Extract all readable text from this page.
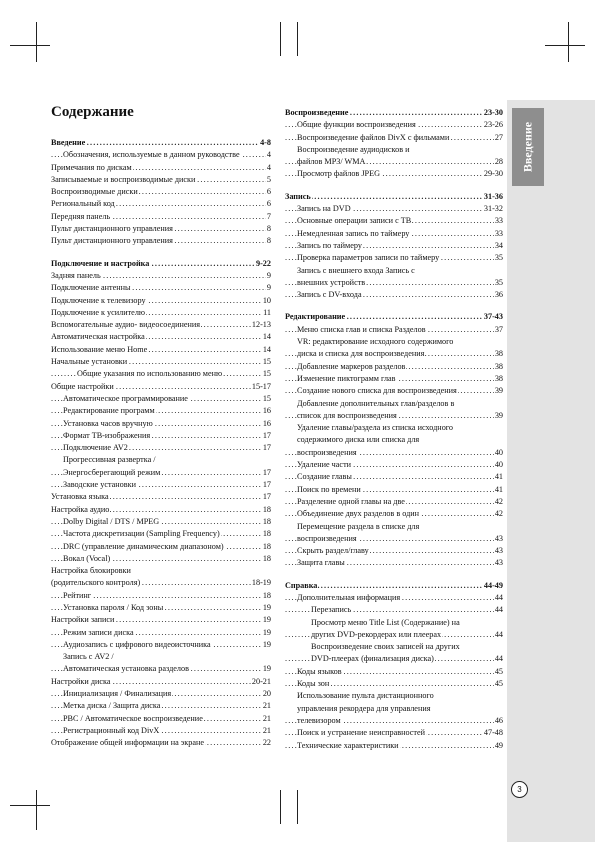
Введение
3
Содержание
Введение	4-8
.....
Обозначения, используемые в данном руководстве	4
.....
Примечания по дискам	4
.....
Записываемые и воспроизводимые диски	5
.....
Воспроизводимые диски	6
.....
Региональный код	6
.....
Передняя панель	7
.....
Пульт дистанционного управления	8
.....
Пульт дистанционного управления	8
.....
Подключение и настройка	9-22
.....
Задняя панель	9
.....
Подключение антенны	9
.....
Подключение к телевизору	10
.....
Подключение к усилителю	11
.....
Вспомогательные аудио- видеосоединения	12-13
.....
Автоматическая настройка	14
.....
Использование меню Home	14
.....
Начальные установки	15
.....
Общие указания по использованию меню	15
.....
Общие настройки	15-17
.....
Автоматическое программирование	15
.....
Редактирование программ	16
.....
Установка часов вручную	16
.....
Формат ТВ-изображения	17
.....
Подключение AV2	17
.....
Прогрессивная развертка /
Энергосберегающий режим	17
.....
Заводские установки	17
.....
Установка языка	17
.....
Настройка аудио	18
.....
Dolby Digital / DTS / MPEG	18
.....
Частота дискретизации (Sampling Frequency)	18
.....
DRC (управление динамическим диапазоном)	18
.....
Вокал (Vocal)	18
.....
Настройка блокировки
(родительского контроля)	18-19
.....
Рейтинг	18
.....
Установка пароля / Код зоны	19
.....
Настройки записи	19
.....
Режим записи диска	19
.....
Аудиозапись с цифрового видеоисточника	19
.....
Запись с AV2 /
Автоматическая установка разделов	19
.....
Настройки диска	20-21
.....
Инициализация / Финализация	20
.....
Метка диска / Защита диска	21
.....
PBC / Автоматическое воспроизведение	21
.....
Регистрационный код DivX	21
.....
Отображение общей информации на экране	22
.....
Воспроизведение	23-30
.....
Общие функции воспроизведения	23-26
.....
Воспроизведение файлов DivX с фильмами	27
.....
Воспроизведение аудиодисков и
файлов MP3/ WMA	28
.....
Просмотр файлов JPEG	29-30
.....
Запись	31-36
.....
Запись на DVD	31-32
.....
Основные операции записи с ТВ	33
.....
Немедленная запись по таймеру	33
.....
Запись по таймеру	34
.....
Проверка параметров записи по таймеру	35
.....
Запись с внешнего входа Запись с
внешних устройств	35
.....
Запись с DV-входа	36
.....
Редактирование	37-43
.....
Меню списка глав и списка Разделов	37
.....
VR: редактирование исходного содержимого
диска и списка для воспроизведения	38
.....
Добавление маркеров разделов	38
.....
Изменение пиктограмм глав	38
.....
Создание нового списка для воспроизведения	39
.....
Добавление дополнительных глав/разделов в
список для воспроизведения	39
.....
Удаление главы/раздела из списка исходного
содержимого диска или списка для
воспроизведения	40
.....
Удаление части	40
.....
Создание главы	41
.....
Поиск по времени	41
.....
Разделение одной главы на две	42
.....
Объединение двух разделов в один	42
.....
Перемещение раздела в списке для
воспроизведения	43
.....
Скрыть раздел/главу	43
.....
Защита главы	43
.....
Справка	44-49
.....
Дополнительная информация	44
.....
Перезапись	44
.....
Просмотр меню Title List (Содержание) на
других DVD-рекордерах или плеерах	44
.....
Воспроизведение своих записей на других
DVD-плеерах (финализация диска)	44
.....
Коды языков	45
.....
Коды зон	45
.....
Использование пульта дистанционного
управления рекордера для управления
телевизором	46
.....
Поиск и устранение неисправностей	47-48
.....
Технические характеристики	49
.....
